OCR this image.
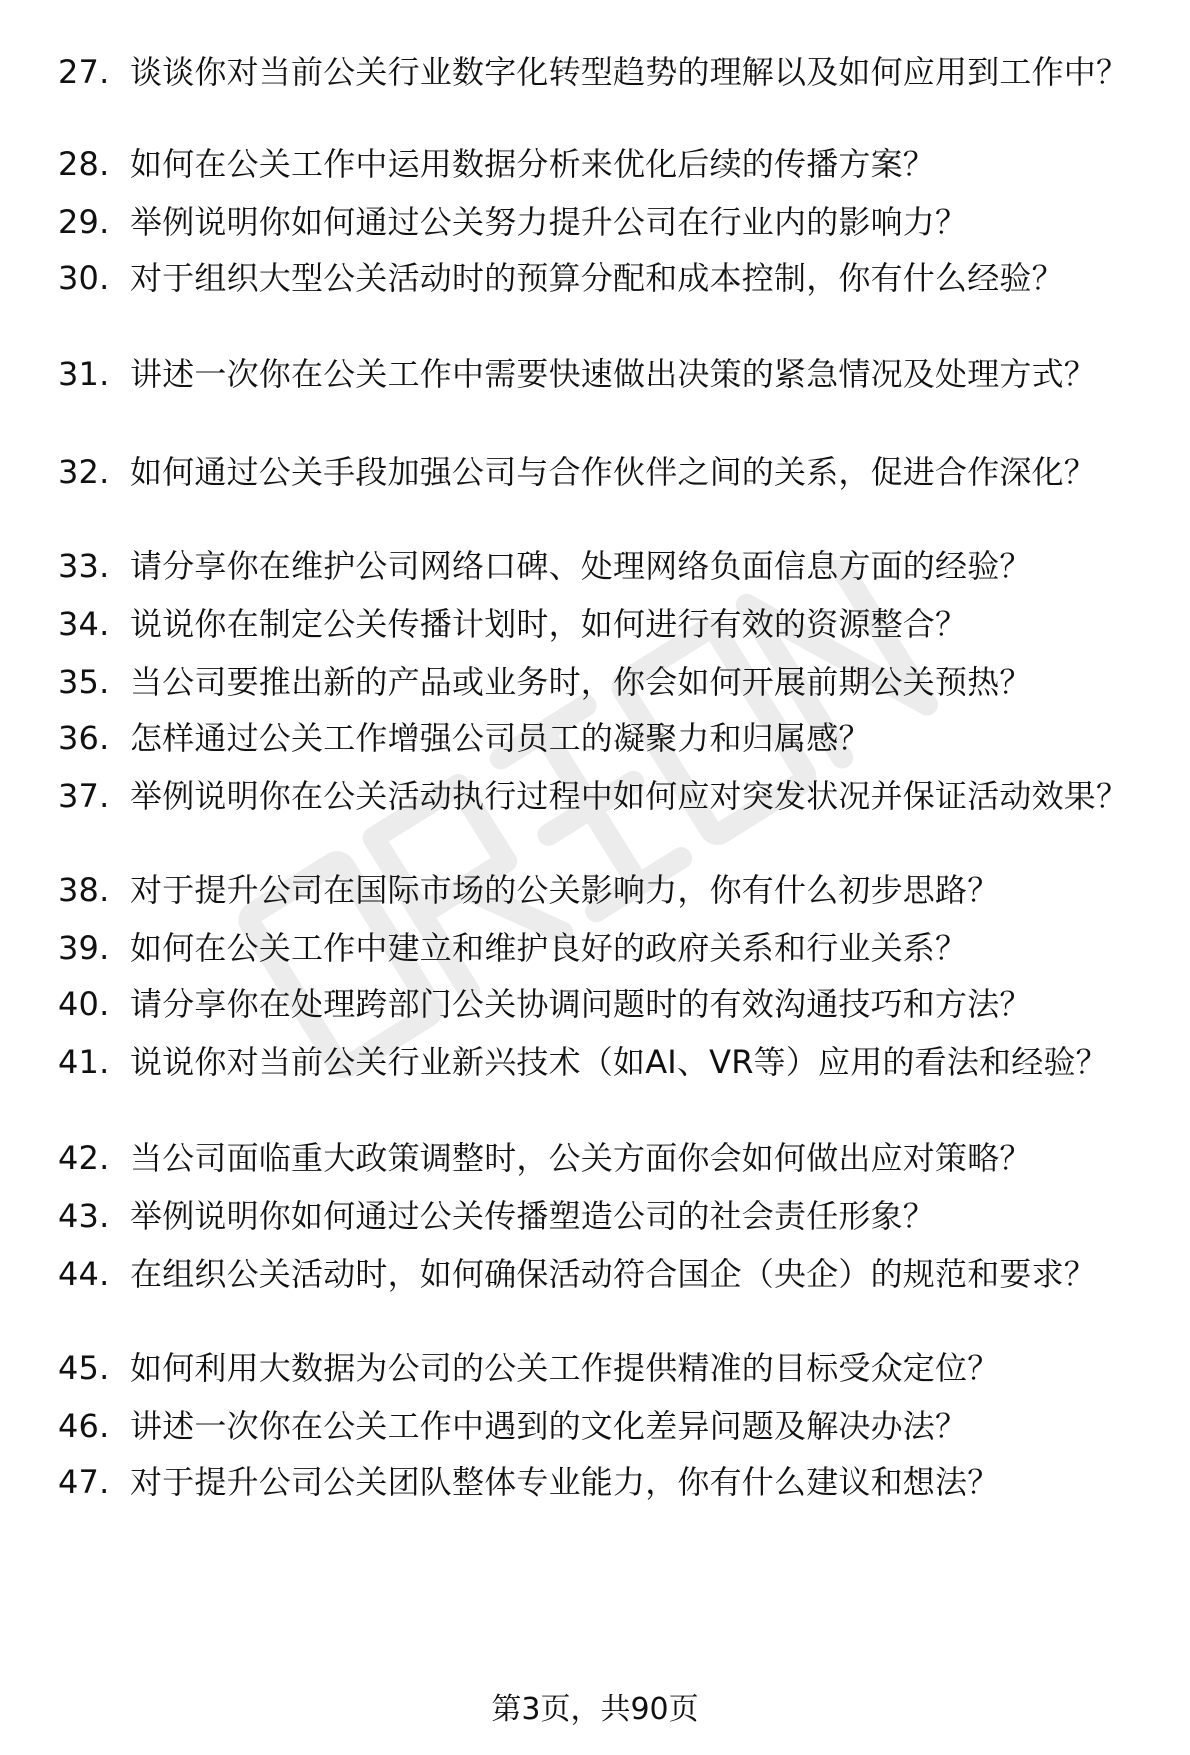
27. 谈谈你对当前公关行业数字化转型趋势的理解以及如何应用到工作中？
28. 如何在公关工作中运用数据分析来优化后续的传播方案？
29. 举例说明你如何通过公关努力提升公司在行业内的影响力？
30. 对于组织大型公关活动时的预算分配和成本控制，你有什么经验？
31. 讲述一次你在公关工作中需要快速做出决策的紧急情况及处理方式？
32. 如何通过公关手段加强公司与合作伙伴之间的关系，促进合作深化？
33. 请分享你在维护公司网络口碑、处理网络负面信息方面的经验？
34. 说说你在制定公关传播计划时，如何进行有效的资源整合？
35. 当公司要推出新的产品或业务时，你会如何开展前期公关预热？
36. 怎样通过公关工作增强公司员工的凝聚力和归属感？
37. 举例说明你在公关活动执行过程中如何应对突发状况并保证活动效果？
38. 对于提升公司在国际市场的公关影响力，你有什么初步思路？
39. 如何在公关工作中建立和维护良好的政府关系和行业关系？
40. 请分享你在处理跨部门公关协调问题时的有效沟通技巧和方法？
41. 说说你对当前公关行业新兴技术（如AI、VR等）应用的看法和经验？
42. 当公司面临重大政策调整时，公关方面你会如何做出应对策略？
43. 举例说明你如何通过公关传播塑造公司的社会责任形象？
44. 在组织公关活动时，如何确保活动符合国企（央企）的规范和要求？
45. 如何利用大数据为公司的公关工作提供精准的目标受众定位？
46. 讲述一次你在公关工作中遇到的文化差异问题及解决办法？
47. 对于提升公司公关团队整体专业能力，你有什么建议和想法？
第3页，共90页
